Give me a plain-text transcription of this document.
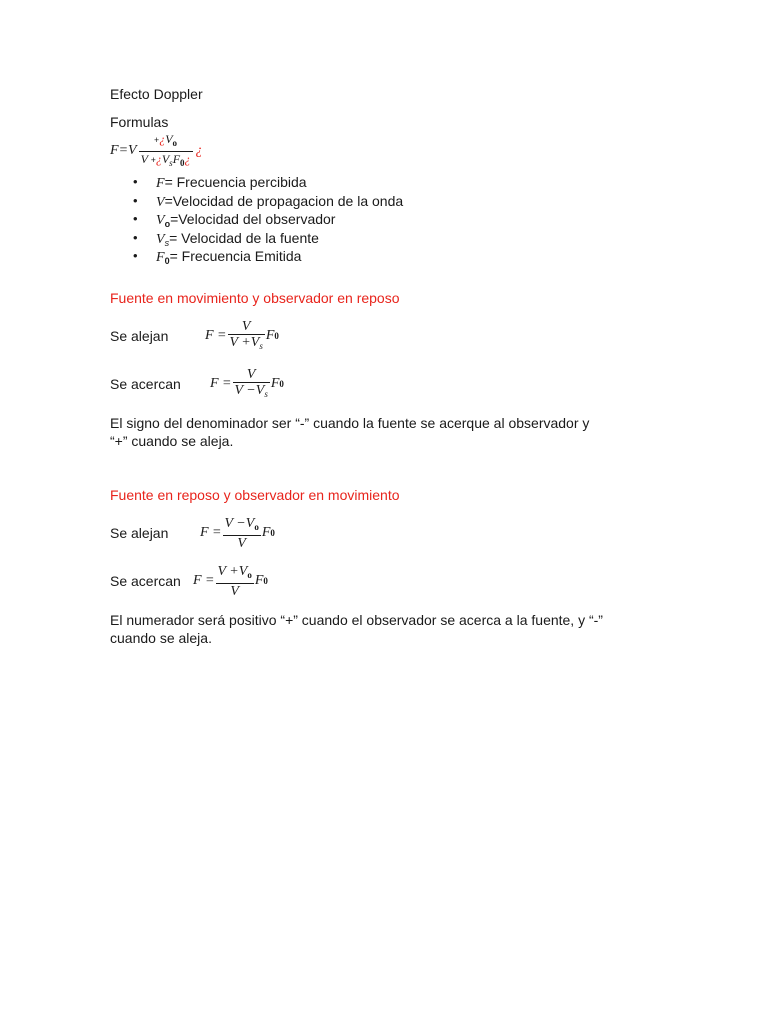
Efecto Doppler
Formulas
$F =V \frac{+¿V_o}{V +¿V_sF_0¿}$ ¿
• F= Frecuencia percibida
• V=Velocidad de propagacion de la onda
• $V_o=Velocidad$ del observador
• $V_s=$ Velocidad de la fuente
• $F_0=$ Frecuencia Emitida
Fuente en movimiento y observador en reposo
Se alejan	$F = \frac{V}{V +V_s}$ F 0
Se acercan $F = \frac{V}{V -V_s}$ F 0
El signo del denominador ser “-” cuando la fuente se acerque al observador y
“+” cuando se aleja.
Fuente en reposo y observador en movimiento
Se alejan $F = \frac{V -V_o}{V}$ F 0
Se acercan $F = \frac{V +V_o}{V}$ F 0
El numerador será positivo “+” cuando el observador se acerca a la fuente, y “-”
cuando se aleja.
